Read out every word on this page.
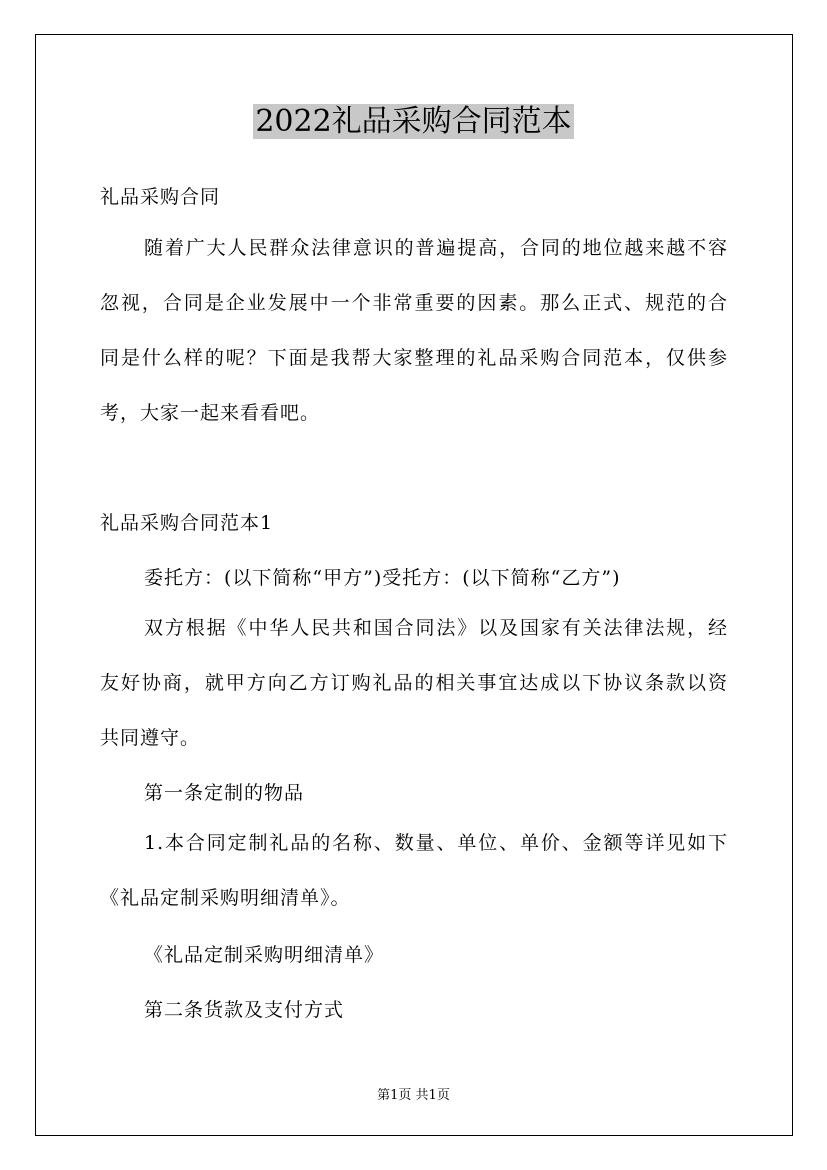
2022礼品采购合同范本
礼品采购合同
随着广大人民群众法律意识的普遍提高，合同的地位越来越不容
忽视，合同是企业发展中一个非常重要的因素。那么正式、规范的合
同是什么样的呢？下面是我帮大家整理的礼品采购合同范本，仅供参
考，大家一起来看看吧。
礼品采购合同范本1
委托方：(以下简称“甲方”)受托方：(以下简称“乙方”)
双方根据《中华人民共和国合同法》以及国家有关法律法规，经
友好协商，就甲方向乙方订购礼品的相关事宜达成以下协议条款以资
共同遵守。
第一条定制的物品
1.本合同定制礼品的名称、数量、单位、单价、金额等详见如下
《礼品定制采购明细清单》。
《礼品定制采购明细清单》
第二条货款及支付方式
第1页 共1页
